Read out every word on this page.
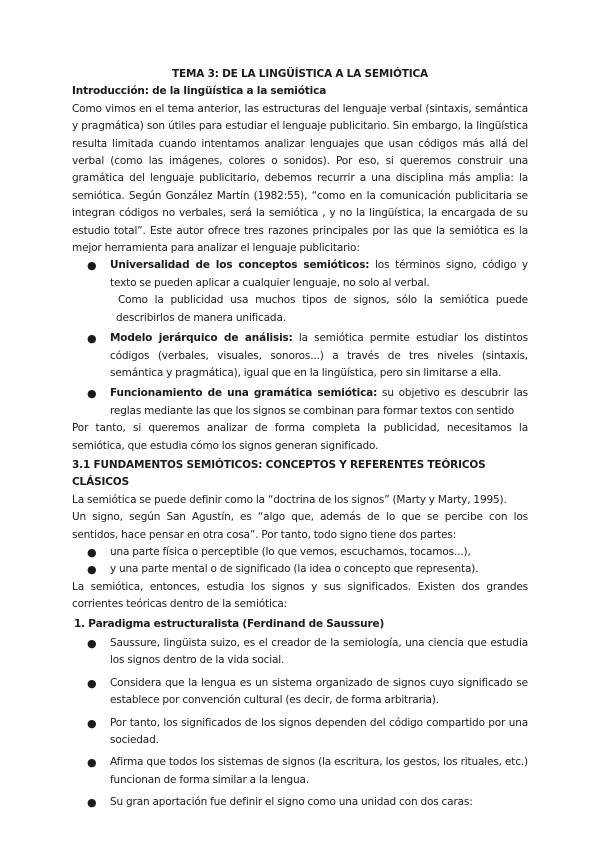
TEMA 3: DE LA LINGÜÍSTICA A LA SEMIÓTICA

Introducción: de la lingüística a la semiótica

Como vimos en el tema anterior, las estructuras del lenguaje verbal (sintaxis, semántica y pragmática) son útiles para estudiar el lenguaje publicitario. Sin embargo, la lingüística resulta limitada cuando intentamos analizar lenguajes que usan códigos más allá del verbal (como las imágenes, colores o sonidos). Por eso, si queremos construir una gramática del lenguaje publicitario, debemos recurrir a una disciplina más amplia: la semiótica. Según González Martín (1982:55), “como en la comunicación publicitaria se integran códigos no verbales, será la semiótica , y no la lingüística, la encargada de su estudio total”. Este autor ofrece tres razones principales por las que la semiótica es la mejor herramienta para analizar el lenguaje publicitario:

● Universalidad de los conceptos semióticos: los términos signo, código y texto se pueden aplicar a cualquier lenguaje, no solo al verbal.

Como la publicidad usa muchos tipos de signos, sólo la semiótica puede describirlos de manera unificada.

● Modelo jerárquico de análisis: la semiótica permite estudiar los distintos códigos (verbales, visuales, sonoros...) a través de tres niveles (sintaxis, semántica y pragmática), igual que en la lingüística, pero sin limitarse a ella.
● Funcionamiento de una gramática semiótica: su objetivo es descubrir las reglas mediante las que los signos se combinan para formar textos con sentido

Por tanto, si queremos analizar de forma completa la publicidad, necesitamos la semiótica, que estudia cómo los signos generan significado.

3.1 FUNDAMENTOS SEMIÓTICOS: CONCEPTOS Y REFERENTES TEÓRICOS CLÁSICOS

La semiótica se puede definir como la “doctrina de los signos” (Marty y Marty, 1995).

Un signo, según San Agustín, es “algo que, además de lo que se percibe con los sentidos, hace pensar en otra cosa”. Por tanto, todo signo tiene dos partes:

● una parte física o perceptible (lo que vemos, escuchamos, tocamos...),
● y una parte mental o de significado (la idea o concepto que representa).

La semiótica, entonces, estudia los signos y sus significados. Existen dos grandes corrientes teóricas dentro de la semiótica:

1. Paradigma estructuralista (Ferdinand de Saussure)

● Saussure, lingüista suizo, es el creador de la semiología, una ciencia que estudia los signos dentro de la vida social.
● Considera que la lengua es un sistema organizado de signos cuyo significado se establece por convención cultural (es decir, de forma arbitraria).
● Por tanto, los significados de los signos dependen del código compartido por una sociedad.
● Afirma que todos los sistemas de signos (la escritura, los gestos, los rituales, etc.) funcionan de forma similar a la lengua.
● Su gran aportación fue definir el signo como una unidad con dos caras:
